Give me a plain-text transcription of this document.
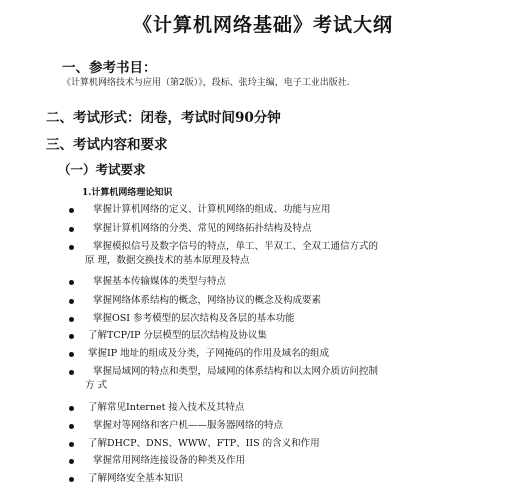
《计算机网络基础》考试大纲
一、参考书目：
《计算机网络技术与应用（第2版）》，段标、张玲主编，电子工业出版社.
二、考试形式：闭卷，考试时间90分钟
三、考试内容和要求
（一）考试要求
1.计算机网络理论知识
掌握计算机网络的定义、计算机网络的组成、功能与应用
掌握计算机网络的分类、常见的网络拓扑结构及特点
掌握模拟信号及数字信号的特点，单工、半双工、全双工通信方式的
原 理，数据交换技术的基本原理及特点
掌握基本传输媒体的类型与特点
掌握网络体系结构的概念，网络协议的概念及构成要素
掌握OSI 参考模型的层次结构及各层的基本功能
了解TCP/IP 分层模型的层次结构及协议集
掌握IP 地址的组成及分类，子网掩码的作用及域名的组成
掌握局域网的特点和类型，局域网的体系结构和以太网介质访问控制
方 式
了解常见Internet 接入技术及其特点
掌握对等网络和客户机——服务器网络的特点
了解DHCP、DNS、WWW、FTP、IIS 的含义和作用
掌握常用网络连接设备的种类及作用
了解网络安全基本知识
